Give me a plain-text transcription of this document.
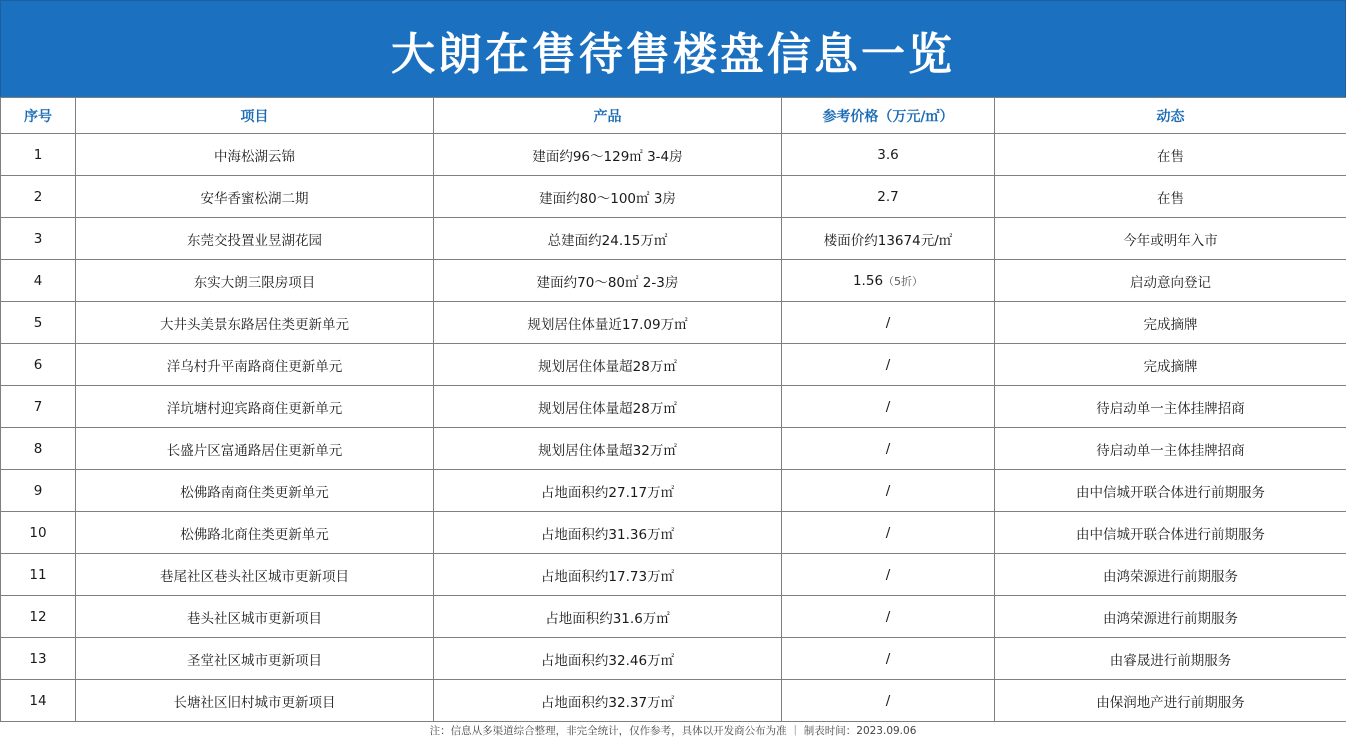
大朗在售待售楼盘信息一览
序号	项目	产品	参考价格（万元/㎡）	动态
1	中海松湖云锦	建面约96～129㎡ 3-4房	3.6	在售
2	安华香蜜松湖二期	建面约80～100㎡ 3房	2.7	在售
3	东莞交投置业昱湖花园	总建面约24.15万㎡	楼面价约13674元/㎡	今年或明年入市
4	东实大朗三限房项目	建面约70～80㎡ 2-3房	1.56（5折）	启动意向登记
5	大井头美景东路居住类更新单元	规划居住体量近17.09万㎡	/	完成摘牌
6	洋乌村升平南路商住更新单元	规划居住体量超28万㎡	/	完成摘牌
7	洋坑塘村迎宾路商住更新单元	规划居住体量超28万㎡	/	待启动单一主体挂牌招商
8	长盛片区富通路居住更新单元	规划居住体量超32万㎡	/	待启动单一主体挂牌招商
9	松佛路南商住类更新单元	占地面积约27.17万㎡	/	由中信城开联合体进行前期服务
10	松佛路北商住类更新单元	占地面积约31.36万㎡	/	由中信城开联合体进行前期服务
11	巷尾社区巷头社区城市更新项目	占地面积约17.73万㎡	/	由鸿荣源进行前期服务
12	巷头社区城市更新项目	占地面积约31.6万㎡	/	由鸿荣源进行前期服务
13	圣堂社区城市更新项目	占地面积约32.46万㎡	/	由睿晟进行前期服务
14	长塘社区旧村城市更新项目	占地面积约32.37万㎡	/	由保润地产进行前期服务
注：信息从多渠道综合整理，非完全统计，仅作参考，具体以开发商公布为准 ｜ 制表时间：2023.09.06
